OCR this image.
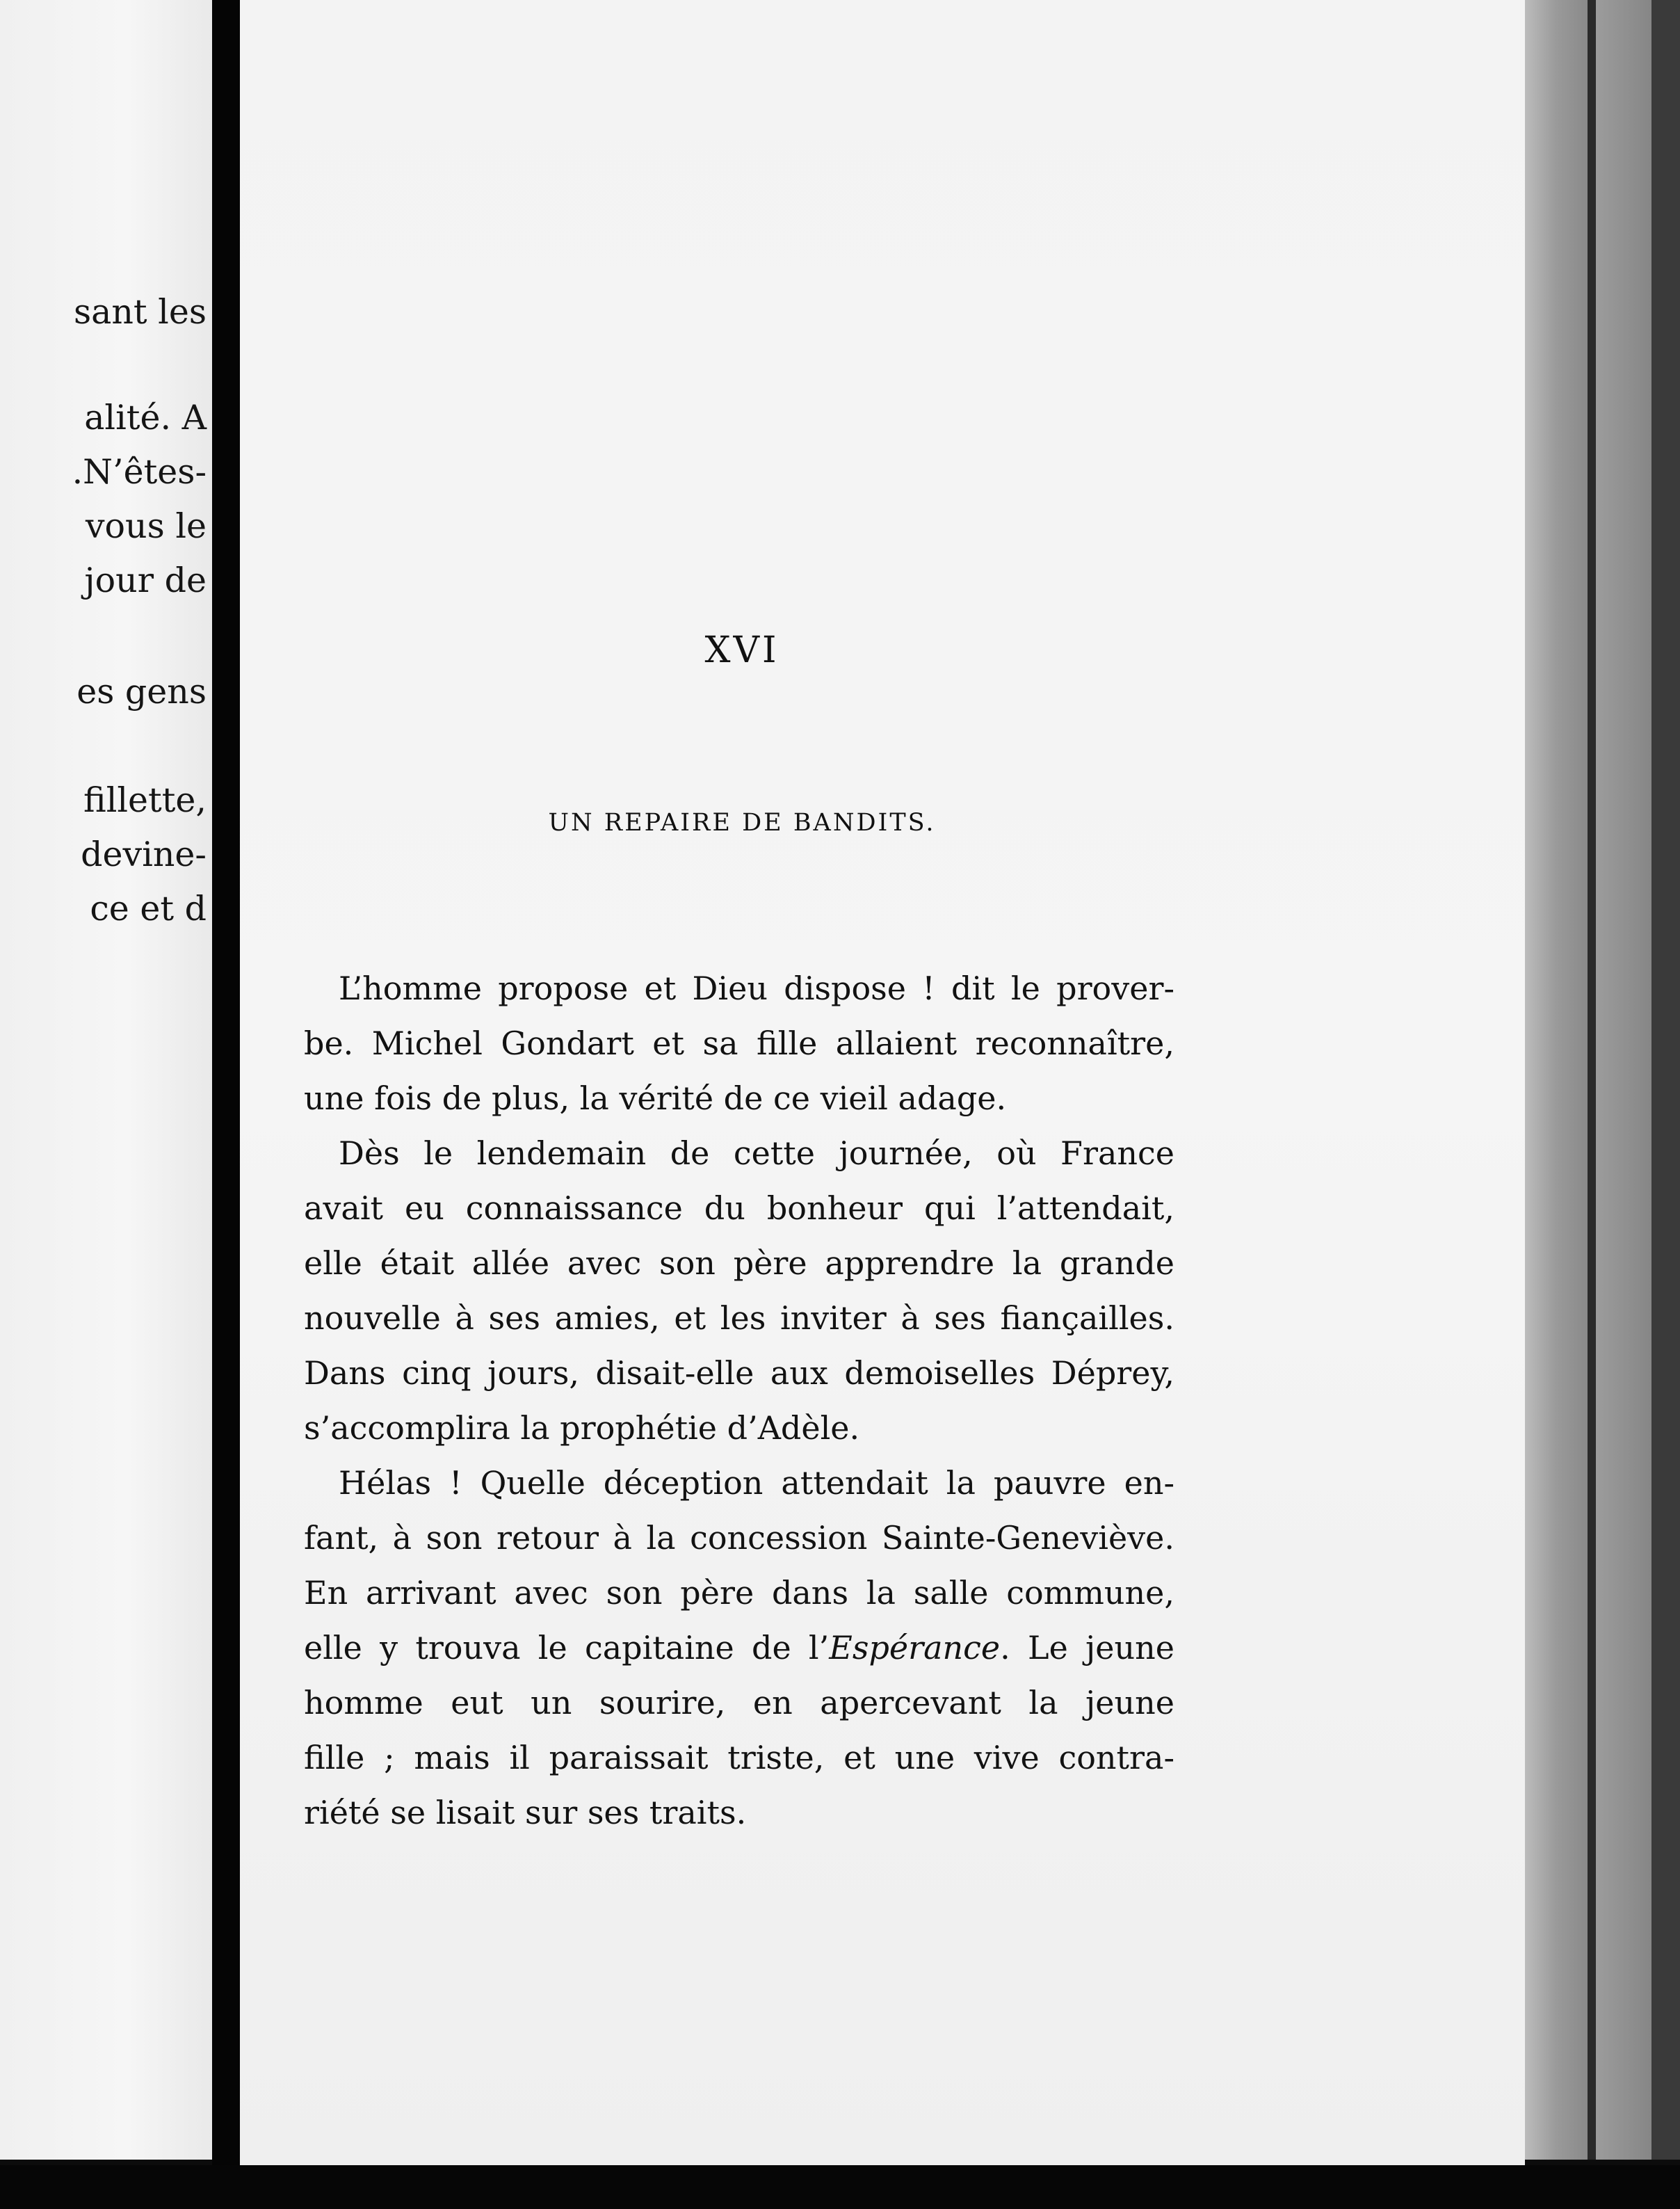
sant les
alité. A
.N’êtes-
vous le
jour de
es gens
fillette,
devine-
ce et d
XVI
UN REPAIRE DE BANDITS.
L’homme propose et Dieu dispose ! dit le prover-
be. Michel Gondart et sa fille allaient reconnaître,
une fois de plus, la vérité de ce vieil adage.
Dès le lendemain de cette journée, où France
avait eu connaissance du bonheur qui l’attendait,
elle était allée avec son père apprendre la grande
nouvelle à ses amies, et les inviter à ses fiançailles.
Dans cinq jours, disait-elle aux demoiselles Déprey,
s’accomplira la prophétie d’Adèle.
Hélas ! Quelle déception attendait la pauvre en-
fant, à son retour à la concession Sainte-Geneviève.
En arrivant avec son père dans la salle commune,
elle y trouva le capitaine de l’Espérance. Le jeune
homme eut un sourire, en apercevant la jeune
fille ; mais il paraissait triste, et une vive contra-
riété se lisait sur ses traits.
